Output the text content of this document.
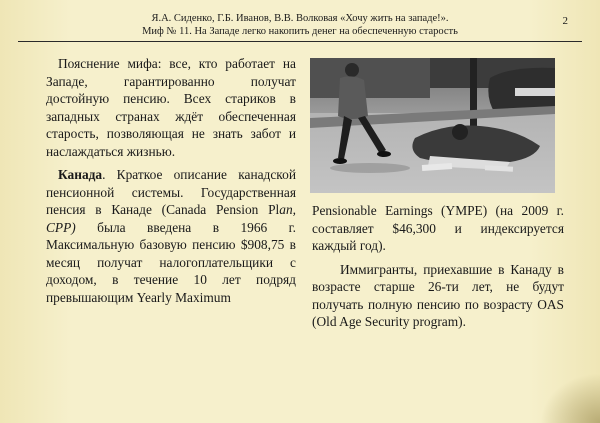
Я.А. Сиденко, Г.Б. Иванов, В.В. Волковая «Хочу жить на западе!».
Миф № 11. На Западе легко накопить денег на обеспеченную старость
2

Пояснение мифа: все, кто работает на Западе, гарантированно получат достойную пенсию. Всех стариков в западных странах ждёт обеспеченная старость, позволяющая не знать забот и наслаждаться жизнью.

Канада. Краткое описание канадской пенсионной системы. Государственная пенсия в Канаде (Canada Pension Plan, CPP) была введена в 1966 г. Максимальную базовую пенсию $908,75 в месяц получат налогоплательщики с доходом, в течение 10 лет подряд превышающим Yearly Maximum

Pensionable Earnings (YMPE) (на 2009 г. составляет $46,300 и индексируется каждый год).

Иммигранты, приехавшие в Канаду в возрасте старше 26-ти лет, не будут получать полную пенсию по возрасту OAS (Old Age Security program).
